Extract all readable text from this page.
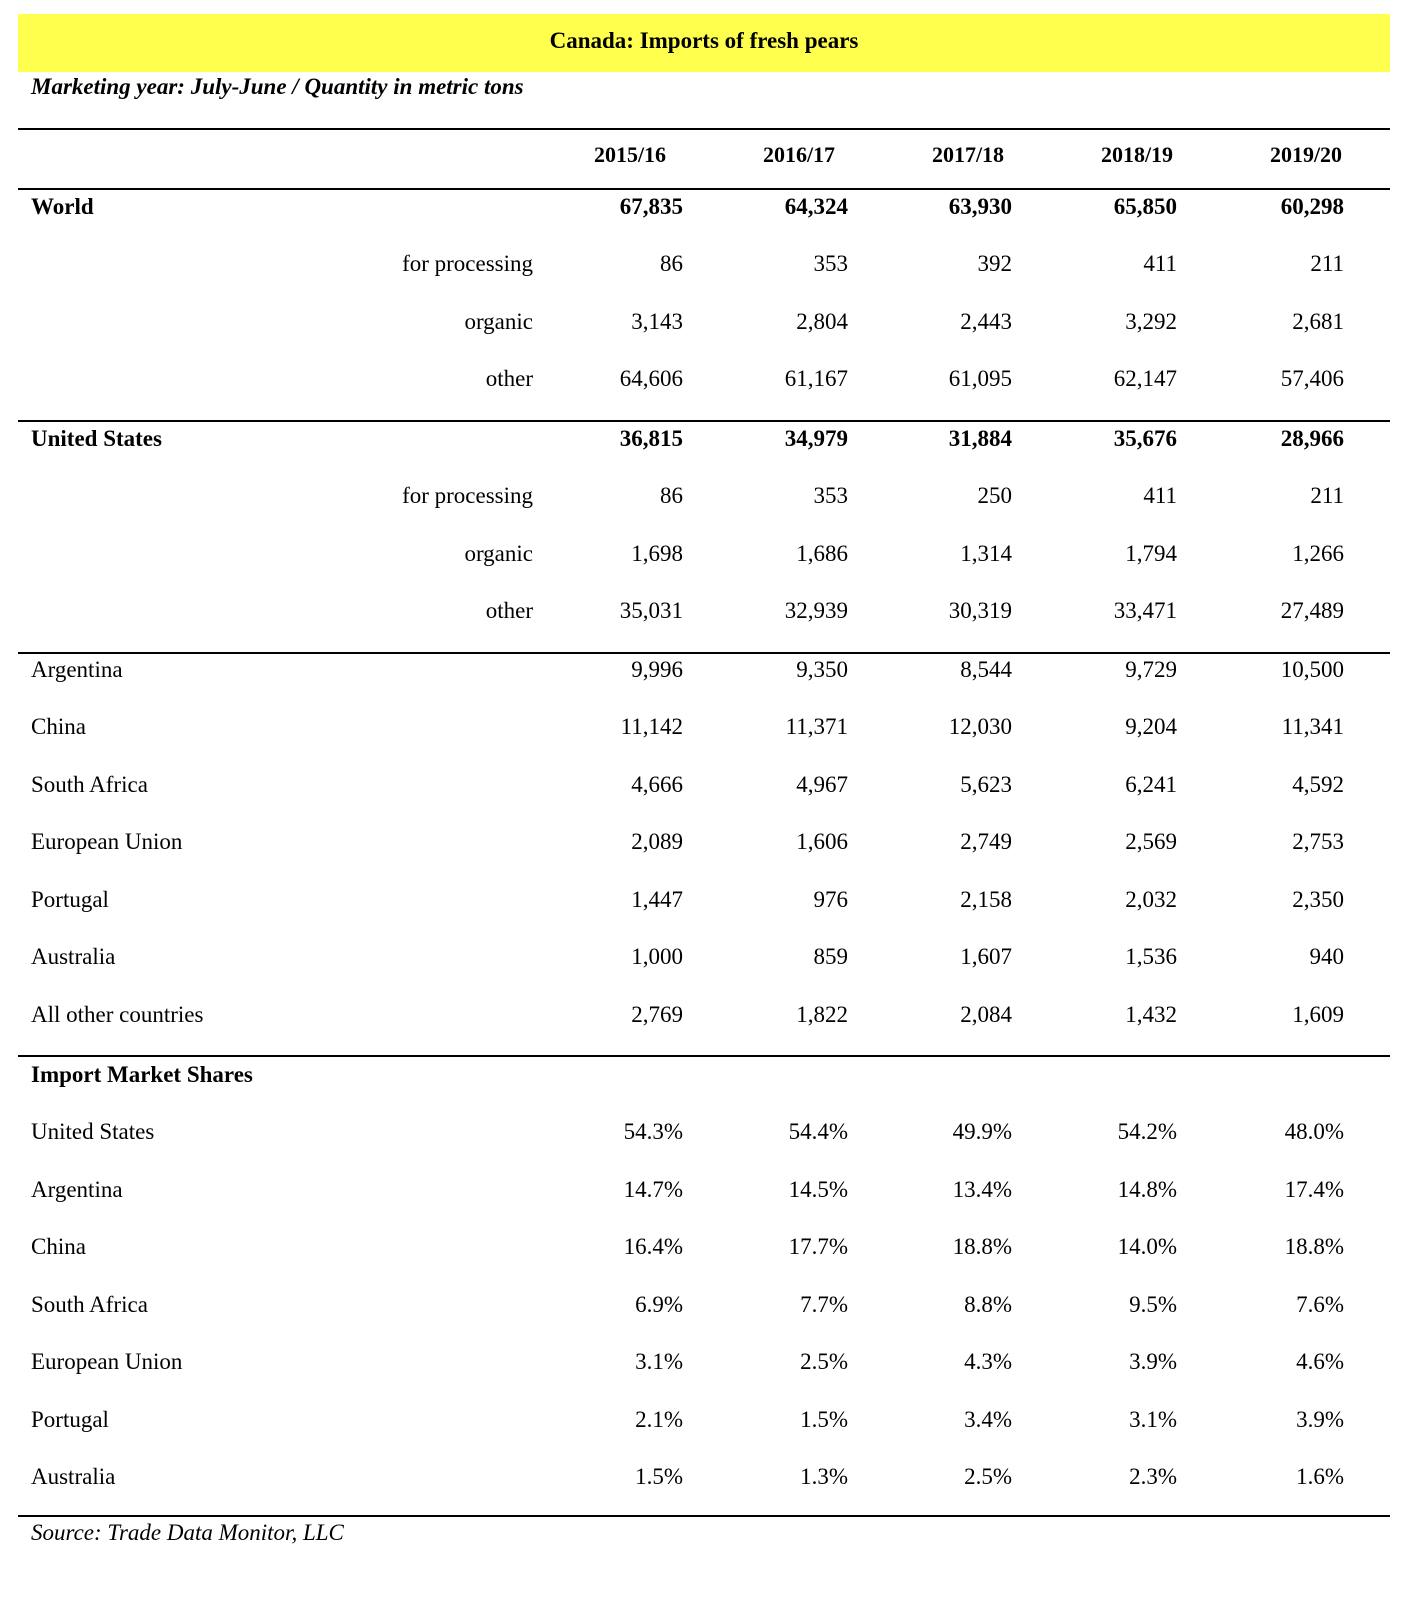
Canada: Imports of fresh pears
Marketing year: July-June / Quantity in metric tons
2015/16	2016/17	2017/18	2018/19	2019/20
World	67,835	64,324	63,930	65,850	60,298
for processing	86	353	392	411	211
organic	3,143	2,804	2,443	3,292	2,681
other	64,606	61,167	61,095	62,147	57,406
United States	36,815	34,979	31,884	35,676	28,966
for processing	86	353	250	411	211
organic	1,698	1,686	1,314	1,794	1,266
other	35,031	32,939	30,319	33,471	27,489
Argentina	9,996	9,350	8,544	9,729	10,500
China	11,142	11,371	12,030	9,204	11,341
South Africa	4,666	4,967	5,623	6,241	4,592
European Union	2,089	1,606	2,749	2,569	2,753
Portugal	1,447	976	2,158	2,032	2,350
Australia	1,000	859	1,607	1,536	940
All other countries	2,769	1,822	2,084	1,432	1,609
Import Market Shares
United States	54.3%	54.4%	49.9%	54.2%	48.0%
Argentina	14.7%	14.5%	13.4%	14.8%	17.4%
China	16.4%	17.7%	18.8%	14.0%	18.8%
South Africa	6.9%	7.7%	8.8%	9.5%	7.6%
European Union	3.1%	2.5%	4.3%	3.9%	4.6%
Portugal	2.1%	1.5%	3.4%	3.1%	3.9%
Australia	1.5%	1.3%	2.5%	2.3%	1.6%
Source: Trade Data Monitor, LLC
